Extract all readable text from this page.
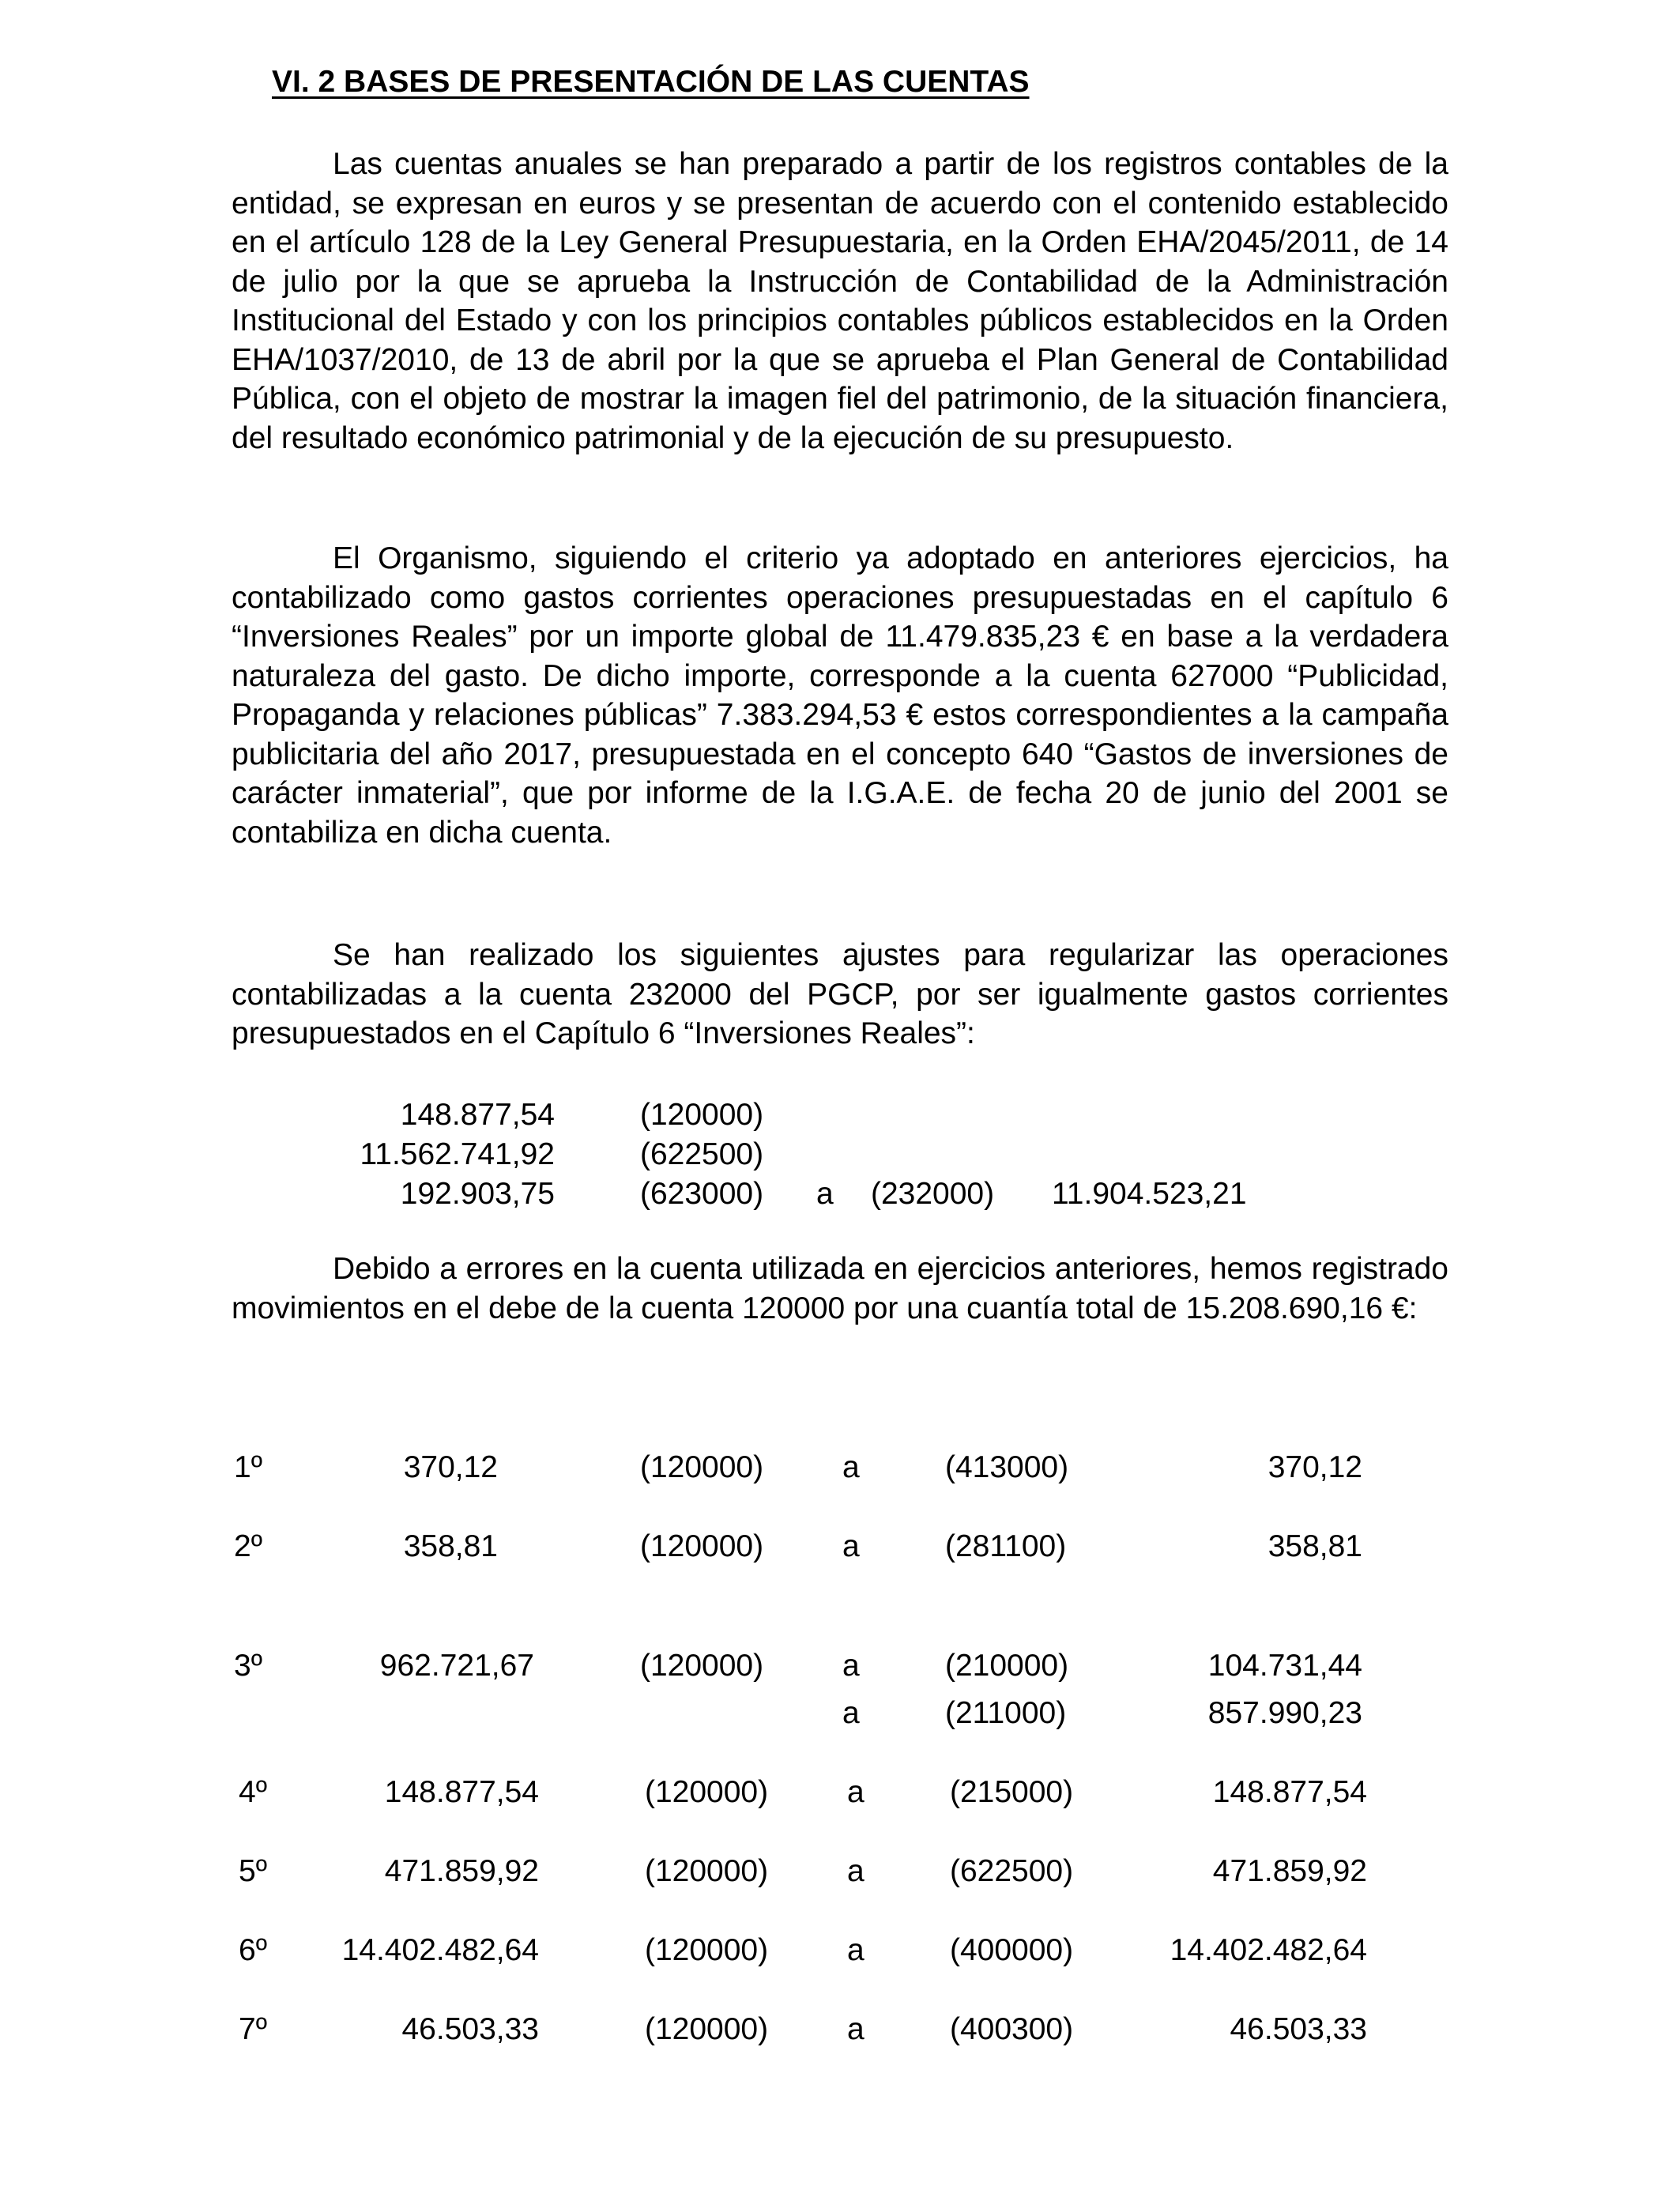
VI. 2 BASES DE PRESENTACIÓN DE LAS CUENTAS

Las cuentas anuales se han preparado a partir de los registros contables de la entidad, se expresan en euros y se presentan de acuerdo con el contenido establecido en el artículo 128 de la Ley General Presupuestaria, en la Orden EHA/2045/2011, de 14 de julio por la que se aprueba la Instrucción de Contabilidad de la Administración Institucional del Estado y con los principios contables públicos establecidos en la Orden EHA/1037/2010, de 13 de abril por la que se aprueba el Plan General de Contabilidad Pública, con el objeto de mostrar la imagen fiel del patrimonio, de la situación financiera, del resultado económico patrimonial y de la ejecución de su presupuesto.

El Organismo, siguiendo el criterio ya adoptado en anteriores ejercicios, ha contabilizado como gastos corrientes operaciones presupuestadas en el capítulo 6 “Inversiones Reales” por un importe global de 11.479.835,23 € en base a la verdadera naturaleza del gasto. De dicho importe, corresponde a la cuenta 627000 “Publicidad, Propaganda y relaciones públicas” 7.383.294,53 € estos correspondientes a la campaña publicitaria del año 2017, presupuestada en el concepto 640 “Gastos de inversiones de carácter inmaterial”, que por informe de la I.G.A.E. de fecha 20 de junio del 2001 se contabiliza en dicha cuenta.

Se han realizado los siguientes ajustes para regularizar las operaciones contabilizadas a la cuenta 232000 del PGCP, por ser igualmente gastos corrientes presupuestados en el Capítulo 6 “Inversiones Reales”:

148.877,54	(120000)
11.562.741,92	(622500)
192.903,75	(623000) a (232000) 11.904.523,21

Debido a errores en la cuenta utilizada en ejercicios anteriores, hemos registrado movimientos en el debe de la cuenta 120000 por una cuantía total de 15.208.690,16 €:

1º	370,12	(120000)	a	(413000)	370,12
2º	358,81	(120000)	a	(281100)	358,81
3º	962.721,67	(120000)	a	(210000)	104.731,44
a	(211000)	857.990,23
4º	148.877,54	(120000)	a	(215000)	148.877,54
5º	471.859,92	(120000)	a	(622500)	471.859,92
6º	14.402.482,64	(120000)	a	(400000)	14.402.482,64
7º	46.503,33	(120000)	a	(400300)	46.503,33
